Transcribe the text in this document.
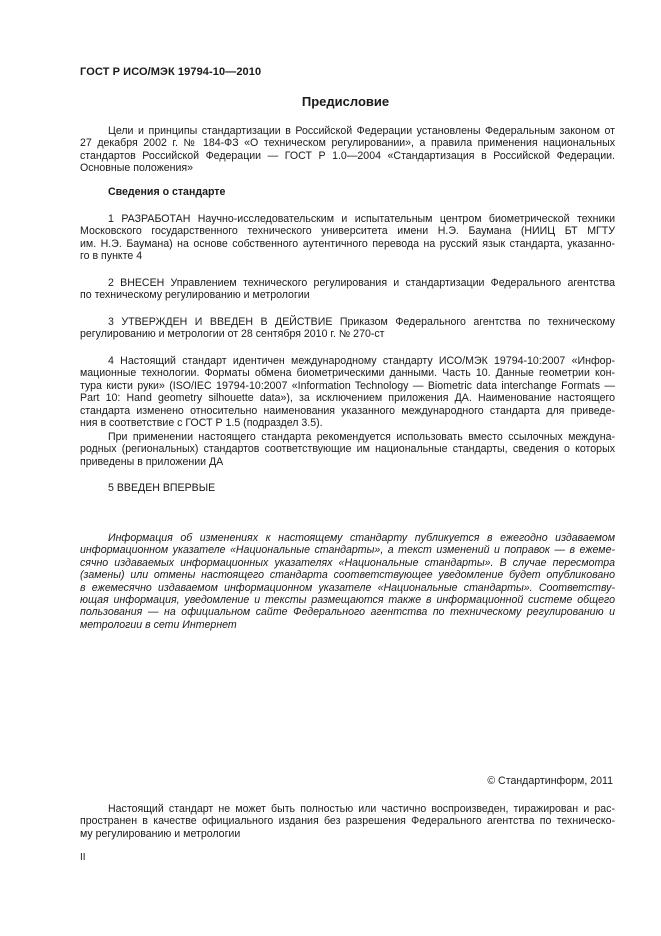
ГОСТ Р ИСО/МЭК 19794-10—2010
Предисловие
Цели и принципы стандартизации в Российской Федерации установлены Федеральным законом от
27 декабря 2002 г. № 184-ФЗ «О техническом регулировании», а правила применения национальных
стандартов Российской Федерации — ГОСТ Р 1.0—2004 «Стандартизация в Российской Федерации.
Основные положения»
Сведения о стандарте
1 РАЗРАБОТАН Научно-исследовательским и испытательным центром биометрической техники
Московского государственного технического университета имени Н.Э. Баумана (НИИЦ БТ МГТУ
им. Н.Э. Баумана) на основе собственного аутентичного перевода на русский язык стандарта, указанно-
го в пункте 4
2 ВНЕСЕН Управлением технического регулирования и стандартизации Федерального агентства
по техническому регулированию и метрологии
3 УТВЕРЖДЕН И ВВЕДЕН В ДЕЙСТВИЕ Приказом Федерального агентства по техническому
регулированию и метрологии от 28 сентября 2010 г. № 270-ст
4 Настоящий стандарт идентичен международному стандарту ИСО/МЭК 19794-10:2007 «Инфор-
мационные технологии. Форматы обмена биометрическими данными. Часть 10. Данные геометрии кон-
тура кисти руки» (ISO/IEC 19794-10:2007 «Information Technology — Biometric data interchange Formats —
Part 10: Hand geometry silhouette data»), за исключением приложения ДА. Наименование настоящего
стандарта изменено относительно наименования указанного международного стандарта для приведе-
ния в соответствие с ГОСТ Р 1.5 (подраздел 3.5).
При применении настоящего стандарта рекомендуется использовать вместо ссылочных междуна-
родных (региональных) стандартов соответствующие им национальные стандарты, сведения о которых
приведены в приложении ДА
5 ВВЕДЕН ВПЕРВЫЕ
Информация об изменениях к настоящему стандарту публикуется в ежегодно издаваемом
информационном указателе «Национальные стандарты», а текст изменений и поправок — в ежеме-
сячно издаваемых информационных указателях «Национальные стандарты». В случае пересмотра
(замены) или отмены настоящего стандарта соответствующее уведомление будет опубликовано
в ежемесячно издаваемом информационном указателе «Национальные стандарты». Соответству-
ющая информация, уведомление и тексты размещаются также в информационной системе общего
пользования — на официальном сайте Федерального агентства по техническому регулированию и
метрологии в сети Интернет
© Стандартинформ, 2011
Настоящий стандарт не может быть полностью или частично воспроизведен, тиражирован и рас-
пространен в качестве официального издания без разрешения Федерального агентства по техническо-
му регулированию и метрологии
II
